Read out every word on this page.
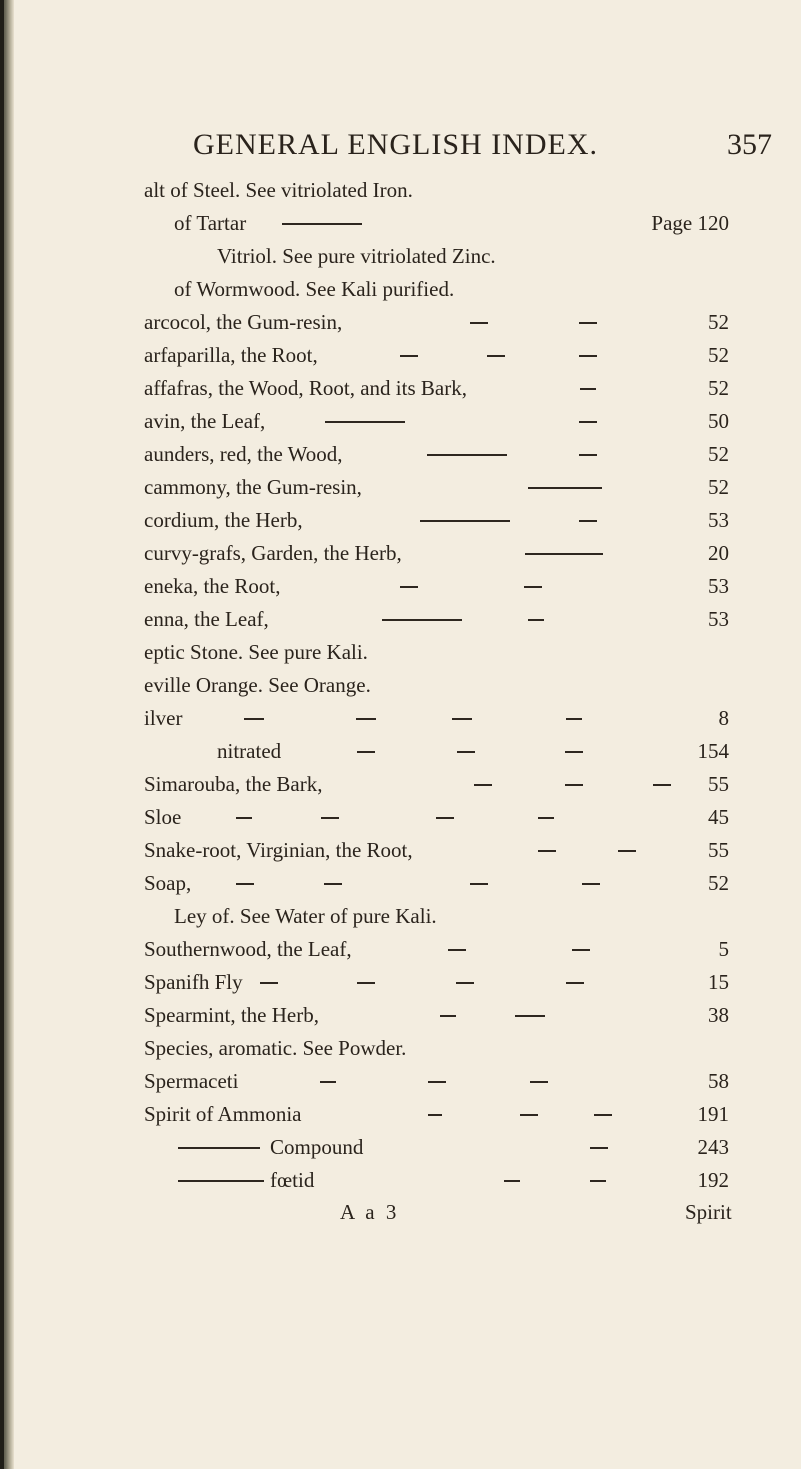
GENERAL ENGLISH INDEX.	357
alt of Steel. See vitriolated Iron.
of Tartar	Page 120
Vitriol. See pure vitriolated Zinc.
of Wormwood. See Kali purified.
arcocol, the Gum-resin,	52
arfaparilla, the Root,	52
affafras, the Wood, Root, and its Bark,	52
avin, the Leaf,	50
aunders, red, the Wood,	52
cammony, the Gum-resin,	52
cordium, the Herb,	53
curvy-grafs, Garden, the Herb,	20
eneka, the Root,	53
enna, the Leaf,	53
eptic Stone. See pure Kali.
eville Orange. See Orange.
ilver	8
nitrated	154
Simarouba, the Bark,	55
Sloe	45
Snake-root, Virginian, the Root,	55
Soap,	52
Ley of. See Water of pure Kali.
Southernwood, the Leaf,	5
Spanifh Fly	15
Spearmint, the Herb,	38
Species, aromatic. See Powder.
Spermaceti	58
Spirit of Ammonia	191
Compound	243
fœtid	192
A a 3	Spirit
